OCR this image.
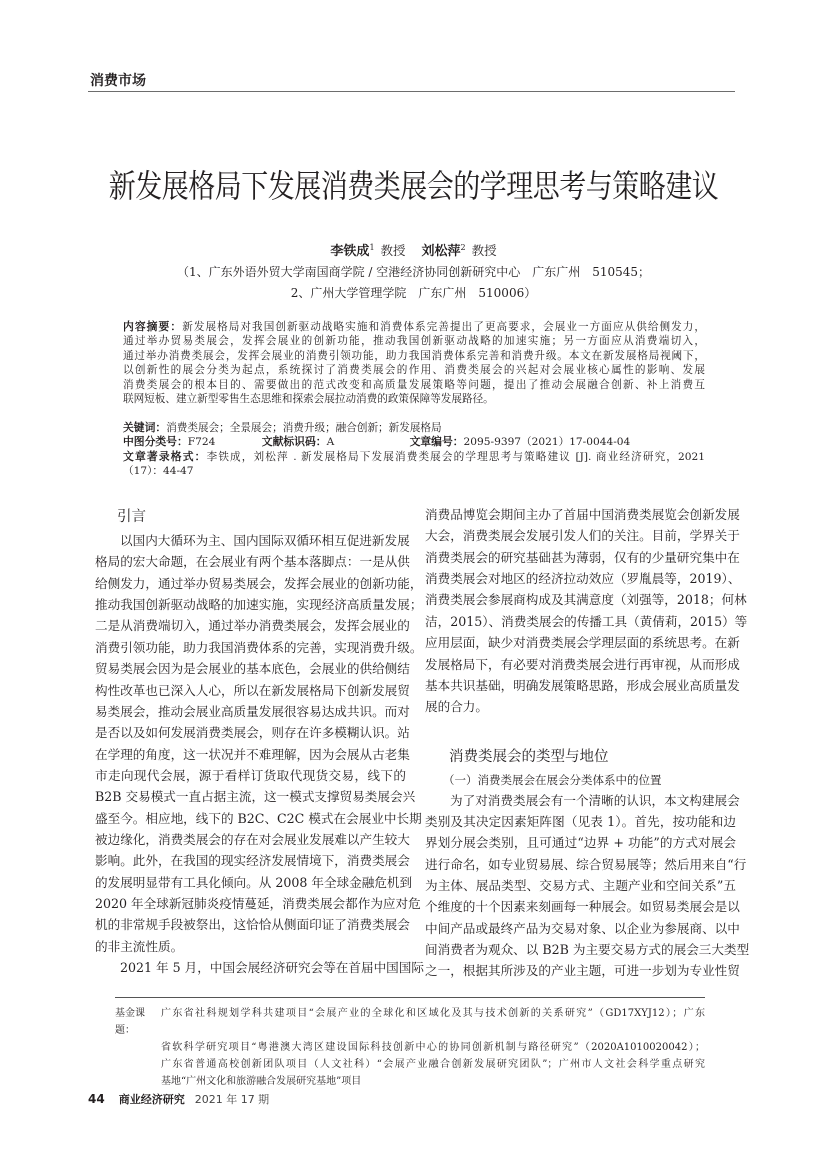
消费市场
新发展格局下发展消费类展会的学理思考与策略建议
李铁成$^1$ 教授 刘松萍$^2$ 教授
（1、广东外语外贸大学南国商学院 / 空港经济协同创新研究中心　广东广州　510545；
2、广州大学管理学院　广东广州　510006）
内容摘要：新发展格局对我国创新驱动战略实施和消费体系完善提出了更高要求，会展业一方面应从供给侧发力，
通过举办贸易类展会，发挥会展业的创新功能，推动我国创新驱动战略的加速实施；另一方面应从消费端切入，
通过举办消费类展会，发挥会展业的消费引领功能，助力我国消费体系完善和消费升级。本文在新发展格局视阈下，
以创新性的展会分类为起点，系统探讨了消费类展会的作用、消费类展会的兴起对会展业核心属性的影响、发展
消费类展会的根本目的、需要做出的范式改变和高质量发展策略等问题，提出了推动会展融合创新、补上消费互
联网短板、建立新型零售生态思维和探索会展拉动消费的政策保障等发展路径。
关键词：消费类展会；全景展会；消费升级；融合创新；新发展格局
中图分类号：F724	文献标识码：A	文章编号：2095-9397（2021）17-0044-04
文章著录格式：李铁成，刘松萍 . 新发展格局下发展消费类展会的学理思考与策略建议 [J]. 商业经济研究，2021
（17）：44-47
引言
以国内大循环为主、国内国际双循环相互促进新发展
格局的宏大命题，在会展业有两个基本落脚点：一是从供
给侧发力，通过举办贸易类展会，发挥会展业的创新功能，
推动我国创新驱动战略的加速实施，实现经济高质量发展；
二是从消费端切入，通过举办消费类展会，发挥会展业的
消费引领功能，助力我国消费体系的完善，实现消费升级。
贸易类展会因为是会展业的基本底色，会展业的供给侧结
构性改革也已深入人心，所以在新发展格局下创新发展贸
易类展会，推动会展业高质量发展很容易达成共识。而对
是否以及如何发展消费类展会，则存在许多模糊认识。站
在学理的角度，这一状况并不难理解，因为会展从古老集
市走向现代会展，源于看样订货取代现货交易，线下的
B2B 交易模式一直占据主流，这一模式支撑贸易类展会兴
盛至今。相应地，线下的 B2C、C2C 模式在会展业中长期
被边缘化，消费类展会的存在对会展业发展难以产生较大
影响。此外，在我国的现实经济发展情境下，消费类展会
的发展明显带有工具化倾向。从 2008 年全球金融危机到
2020 年全球新冠肺炎疫情蔓延，消费类展会都作为应对危
机的非常规手段被祭出，这恰恰从侧面印证了消费类展会
的非主流性质。
2021 年 5 月，中国会展经济研究会等在首届中国国际
消费品博览会期间主办了首届中国消费类展览会创新发展
大会，消费类展会发展引发人们的关注。目前，学界关于
消费类展会的研究基础甚为薄弱，仅有的少量研究集中在
消费类展会对地区的经济拉动效应（罗胤晨等，2019）、
消费类展会参展商构成及其满意度（刘强等，2018；何林
洁，2015）、消费类展会的传播工具（黄倩莉，2015）等
应用层面，缺少对消费类展会学理层面的系统思考。在新
发展格局下，有必要对消费类展会进行再审视，从而形成
基本共识基础，明确发展策略思路，形成会展业高质量发
展的合力。
消费类展会的类型与地位
（一）消费类展会在展会分类体系中的位置
为了对消费类展会有一个清晰的认识，本文构建展会
类别及其决定因素矩阵图（见表 1）。首先，按功能和边
界划分展会类别，且可通过“边界 + 功能”的方式对展会
进行命名，如专业贸易展、综合贸易展等；然后用来自“行
为主体、展品类型、交易方式、主题产业和空间关系”五
个维度的十个因素来刻画每一种展会。如贸易类展会是以
中间产品或最终产品为交易对象、以企业为参展商、以中
间消费者为观众、以 B2B 为主要交易方式的展会三大类型
之一，根据其所涉及的产业主题，可进一步划为专业性贸
基金课题：
广东省社科规划学科共建项目“会展产业的全球化和区域化及其与技术创新的关系研究”（GD17XYJ12）；广东
省软科学研究项目“粤港澳大湾区建设国际科技创新中心的协同创新机制与路径研究”（2020A1010020042）；
广东省普通高校创新团队项目（人文社科）“会展产业融合创新发展研究团队”；广州市人文社会科学重点研究
基地“广州文化和旅游融合发展研究基地”项目
44 商业经济研究 2021 年 17 期
